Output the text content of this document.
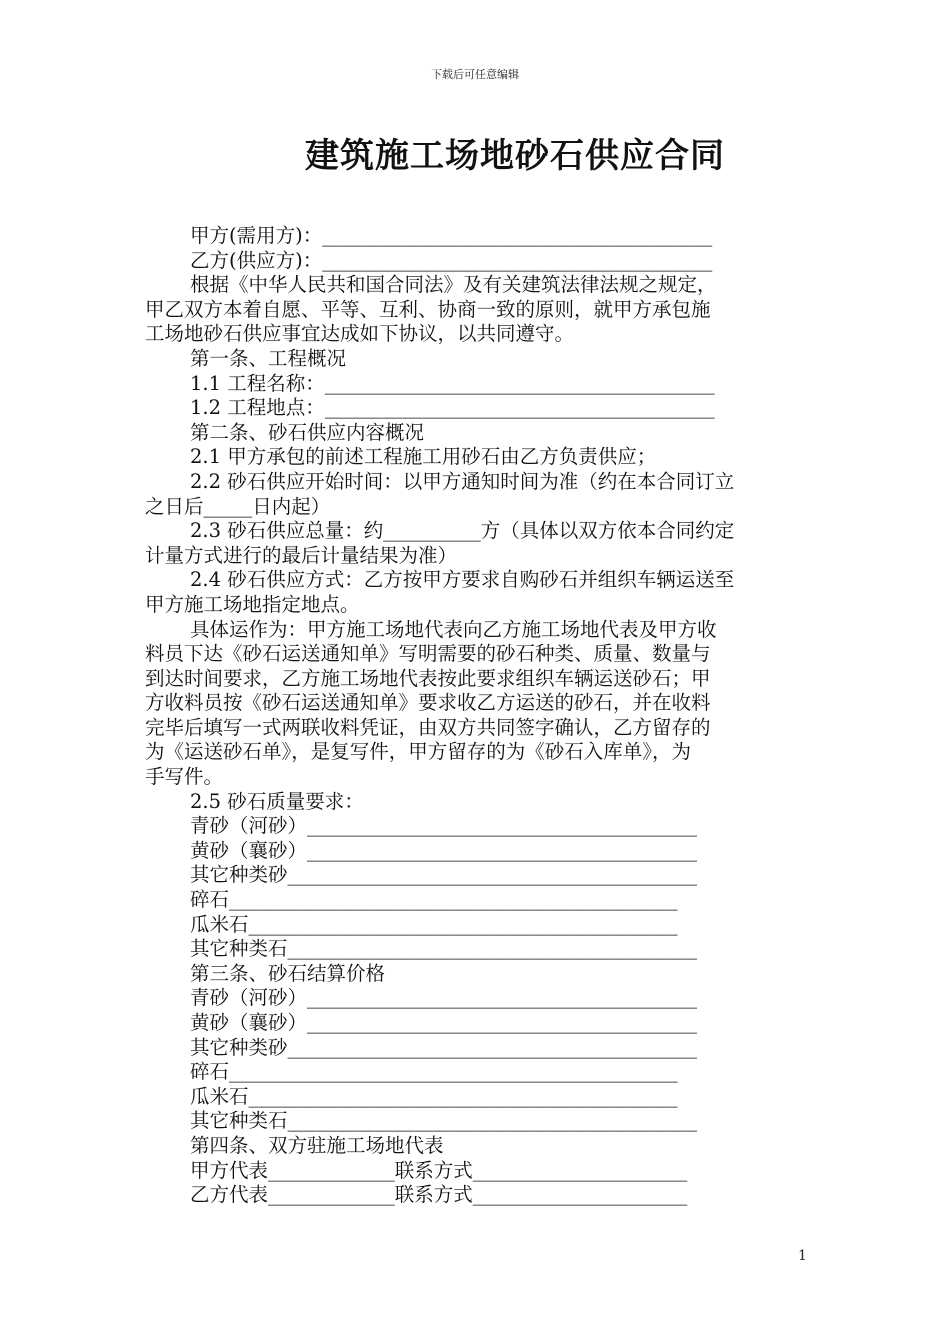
下载后可任意编辑
建筑施工场地砂石供应合同
甲方(需用方)：________________________________________
乙方(供应方)：________________________________________
根据《中华人民共和国合同法》及有关建筑法律法规之规定，
甲乙双方本着自愿、平等、互利、协商一致的原则，就甲方承包施
工场地砂石供应事宜达成如下协议，以共同遵守。
第一条、工程概况
1.1 工程名称：________________________________________
1.2 工程地点：________________________________________
第二条、砂石供应内容概况
2.1 甲方承包的前述工程施工用砂石由乙方负责供应；
2.2 砂石供应开始时间：以甲方通知时间为准（约在本合同订立
之日后_____日内起）
2.3 砂石供应总量：约__________方（具体以双方依本合同约定
计量方式进行的最后计量结果为准）
2.4 砂石供应方式：乙方按甲方要求自购砂石并组织车辆运送至
甲方施工场地指定地点。
具体运作为：甲方施工场地代表向乙方施工场地代表及甲方收
料员下达《砂石运送通知单》写明需要的砂石种类、质量、数量与
到达时间要求，乙方施工场地代表按此要求组织车辆运送砂石；甲
方收料员按《砂石运送通知单》要求收乙方运送的砂石，并在收料
完毕后填写一式两联收料凭证，由双方共同签字确认，乙方留存的
为《运送砂石单》，是复写件，甲方留存的为《砂石入库单》，为
手写件。
2.5 砂石质量要求：
青砂（河砂）________________________________________
黄砂（襄砂）________________________________________
其它种类砂__________________________________________
碎石______________________________________________
瓜米石____________________________________________
其它种类石__________________________________________
第三条、砂石结算价格
青砂（河砂）________________________________________
黄砂（襄砂）________________________________________
其它种类砂__________________________________________
碎石______________________________________________
瓜米石____________________________________________
其它种类石__________________________________________
第四条、双方驻施工场地代表
甲方代表_____________联系方式______________________
乙方代表_____________联系方式______________________
1
